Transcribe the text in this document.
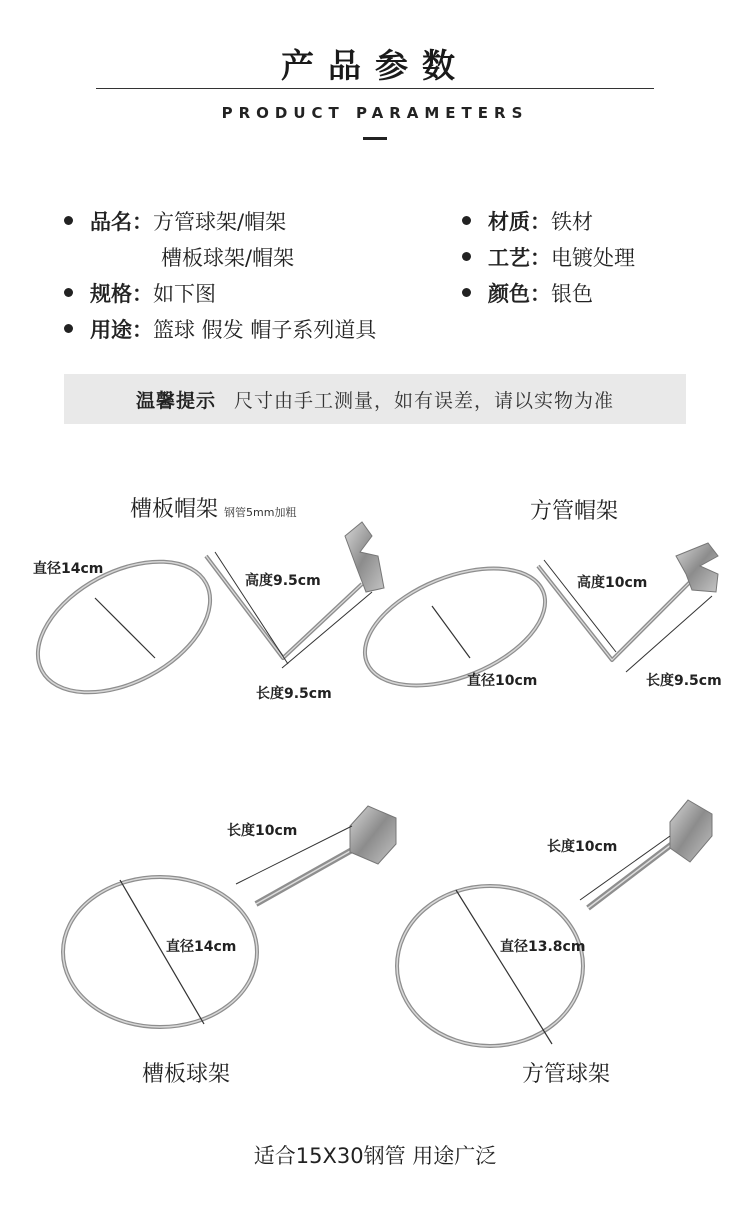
产品参数
PRODUCT PARAMETERS
品名：方管球架/帽架
槽板球架/帽架
规格：如下图
用途：篮球 假发 帽子系列道具
材质：铁材
工艺：电镀处理
颜色：银色
温馨提示 尺寸由手工测量，如有误差，请以实物为准
槽板帽架 钢管5mm加粗	方管帽架
槽板球架	方管球架
直径14cm
高度9.5cm
长度9.5cm
高度10cm
直径10cm	长度9.5cm
长度10cm
直径14cm
长度10cm
直径13.8cm
适合15X30钢管 用途广泛
